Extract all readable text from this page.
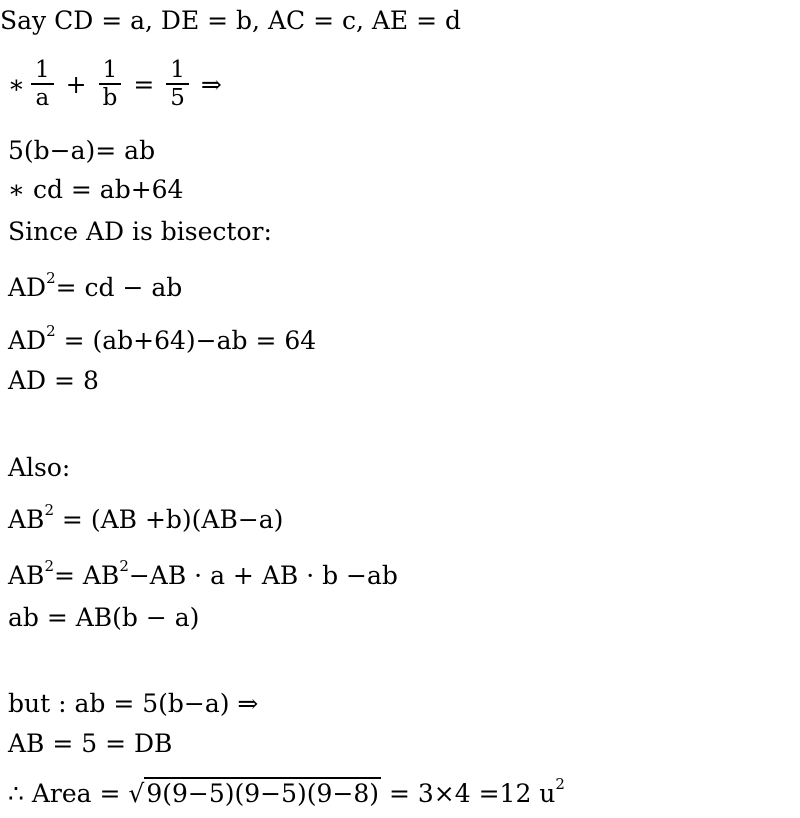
Say CD = a, DE = b, AC = c, AE = d
∗ $\frac{1}{a} + \frac{1}{b} = \frac{1}{5}$ ⇒
5(b−a)= ab
∗ cd = ab+64
Since AD is bisector:
$AD^2=$ cd − ab
$AD^2 = (ab+64)-ab = 64$
AD = 8
Also:
$AB^2 = (AB +b)(AB-a)$
$AB^2= AB^2-AB \cdot a$ + AB · b −ab
ab = AB(b − a)
but : ab = 5(b−a) ⇒
AB = 5 = DB
∴ Area = √9(9−5)(9−5)(9−8) = 3×4 =12 $u^2$
